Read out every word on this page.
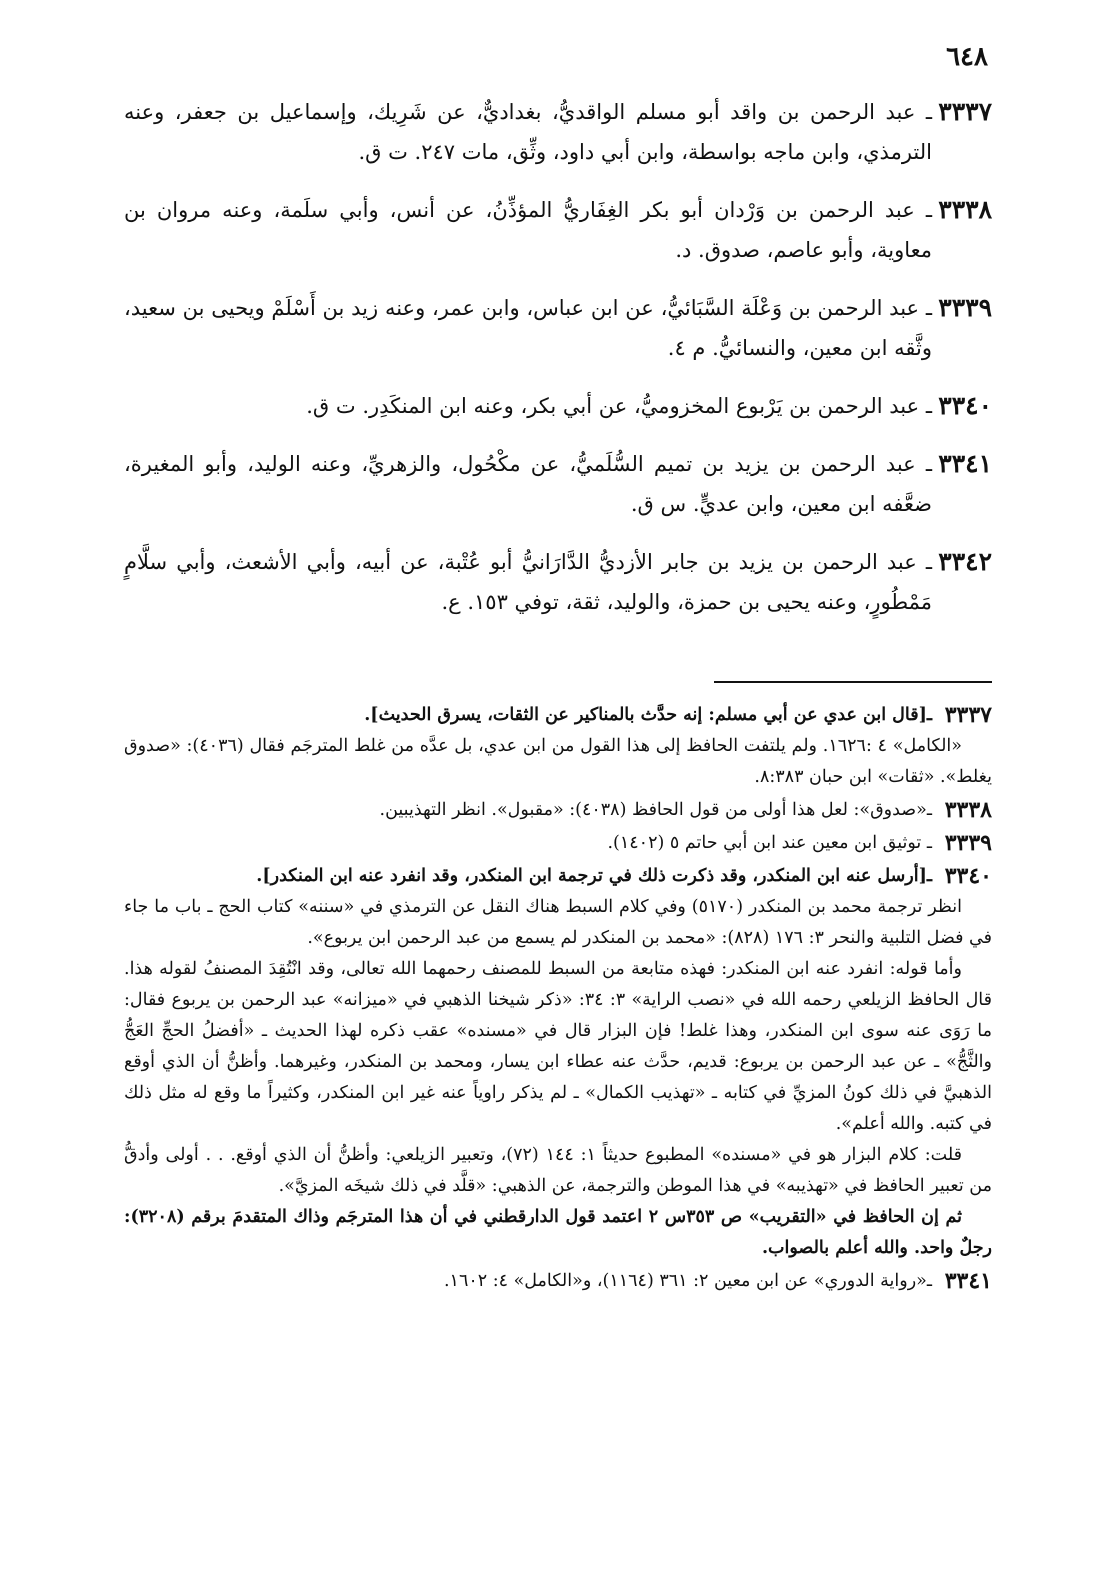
٦٤٨
٣٣٣٧
ـ عبد الرحمن بن واقد أبو مسلم الواقديُّ، بغداديٌّ، عن شَرِيك، وإسماعيل بن جعفر، وعنه الترمذي، وابن ماجه بواسطة، وابن أبي داود، وثِّق، مات ٢٤٧. ت ق.
٣٣٣٨
ـ عبد الرحمن بن وَرْدان أبو بكر الغِفَاريُّ المؤذِّنُ، عن أنس، وأبي سلَمة، وعنه مروان بن معاوية، وأبو عاصم، صدوق. د.
٣٣٣٩
ـ عبد الرحمن بن وَعْلَة السَّبَائيُّ، عن ابن عباس، وابن عمر، وعنه زيد بن أَسْلَمْ ويحيى بن سعيد، وثَّقه ابن معين، والنسائيُّ. م ٤.
٣٣٤٠
ـ عبد الرحمن بن يَرْبوع المخزوميُّ، عن أبي بكر، وعنه ابن المنكَدِر. ت ق.
٣٣٤١
ـ عبد الرحمن بن يزيد بن تميم السُّلَميُّ، عن مكْحُول، والزهريِّ، وعنه الوليد، وأبو المغيرة، ضعَّفه ابن معين، وابن عديٍّ. س ق.
٣٣٤٢
ـ عبد الرحمن بن يزيد بن جابر الأزديُّ الدَّارَانيُّ أبو عُتْبة، عن أبيه، وأبي الأشعث، وأبي سلَّامٍ مَمْطُورٍ، وعنه يحيى بن حمزة، والوليد، ثقة، توفي ١٥٣. ع.
٣٣٣٧
ـ[قال ابن عدي عن أبي مسلم: إنه حدَّث بالمناكير عن الثقات، يسرق الحديث].
«الكامل» ٤ :١٦٢٦. ولم يلتفت الحافظ إلى هذا القول من ابن عدي، بل عدَّه من غلط المترجَم فقال (٤٠٣٦): «صدوق يغلط». «ثقات» ابن حبان ٨:٣٨٣.
٣٣٣٨
ـ«صدوق»: لعل هذا أولى من قول الحافظ (٤٠٣٨): «مقبول». انظر التهذيبين.
٣٣٣٩
ـ توثيق ابن معين عند ابن أبي حاتم ٥ (١٤٠٢).
٣٣٤٠
ـ[أرسل عنه ابن المنكدر، وقد ذكرت ذلك في ترجمة ابن المنكدر، وقد انفرد عنه ابن المنكدر].
انظر ترجمة محمد بن المنكدر (٥١٧٠) وفي كلام السبط هناك النقل عن الترمذي في «سننه» كتاب الحج ـ باب ما جاء في فضل التلبية والنحر ٣: ١٧٦ (٨٢٨): «محمد بن المنكدر لم يسمع من عبد الرحمن ابن يربوع».
وأما قوله: انفرد عنه ابن المنكدر: فهذه متابعة من السبط للمصنف رحمهما الله تعالى، وقد انْتُقِدَ المصنفُ لقوله هذا. قال الحافظ الزيلعي رحمه الله في «نصب الراية» ٣: ٣٤: «ذكر شيخنا الذهبي في «ميزانه» عبد الرحمن بن يربوع فقال: ما رَوَى عنه سوى ابن المنكدر، وهذا غلط! فإن البزار قال في «مسنده» عقب ذكره لهذا الحديث ـ «أفضلُ الحجِّ العَجُّ والثَّجُّ» ـ عن عبد الرحمن بن يربوع: قديم، حدَّث عنه عطاء ابن يسار، ومحمد بن المنكدر، وغيرهما. وأظنُّ أن الذي أوقع الذهبيَّ في ذلك كونُ المزيِّ في كتابه ـ «تهذيب الكمال» ـ لم يذكر راوياً عنه غير ابن المنكدر، وكثيراً ما وقع له مثل ذلك في كتبه. والله أعلم».
قلت: كلام البزار هو في «مسنده» المطبوع حديثاً ١: ١٤٤ (٧٢)، وتعبير الزيلعي: وأظنُّ أن الذي أوقع. . . أولى وأدقُّ من تعبير الحافظ في «تهذيبه» في هذا الموطن والترجمة، عن الذهبي: «قلَّد في ذلك شيخَه المزيَّ».
ثم إن الحافظ في «التقريب» ص ٣٥٣س ٢ اعتمد قول الدارقطني في أن هذا المترجَم وذاك المتقدمَ برقم (٣٢٠٨): رجلٌ واحد. والله أعلم بالصواب.
٣٣٤١
ـ«رواية الدوري» عن ابن معين ٢: ٣٦١ (١١٦٤)، و«الكامل» ٤: ١٦٠٢.
